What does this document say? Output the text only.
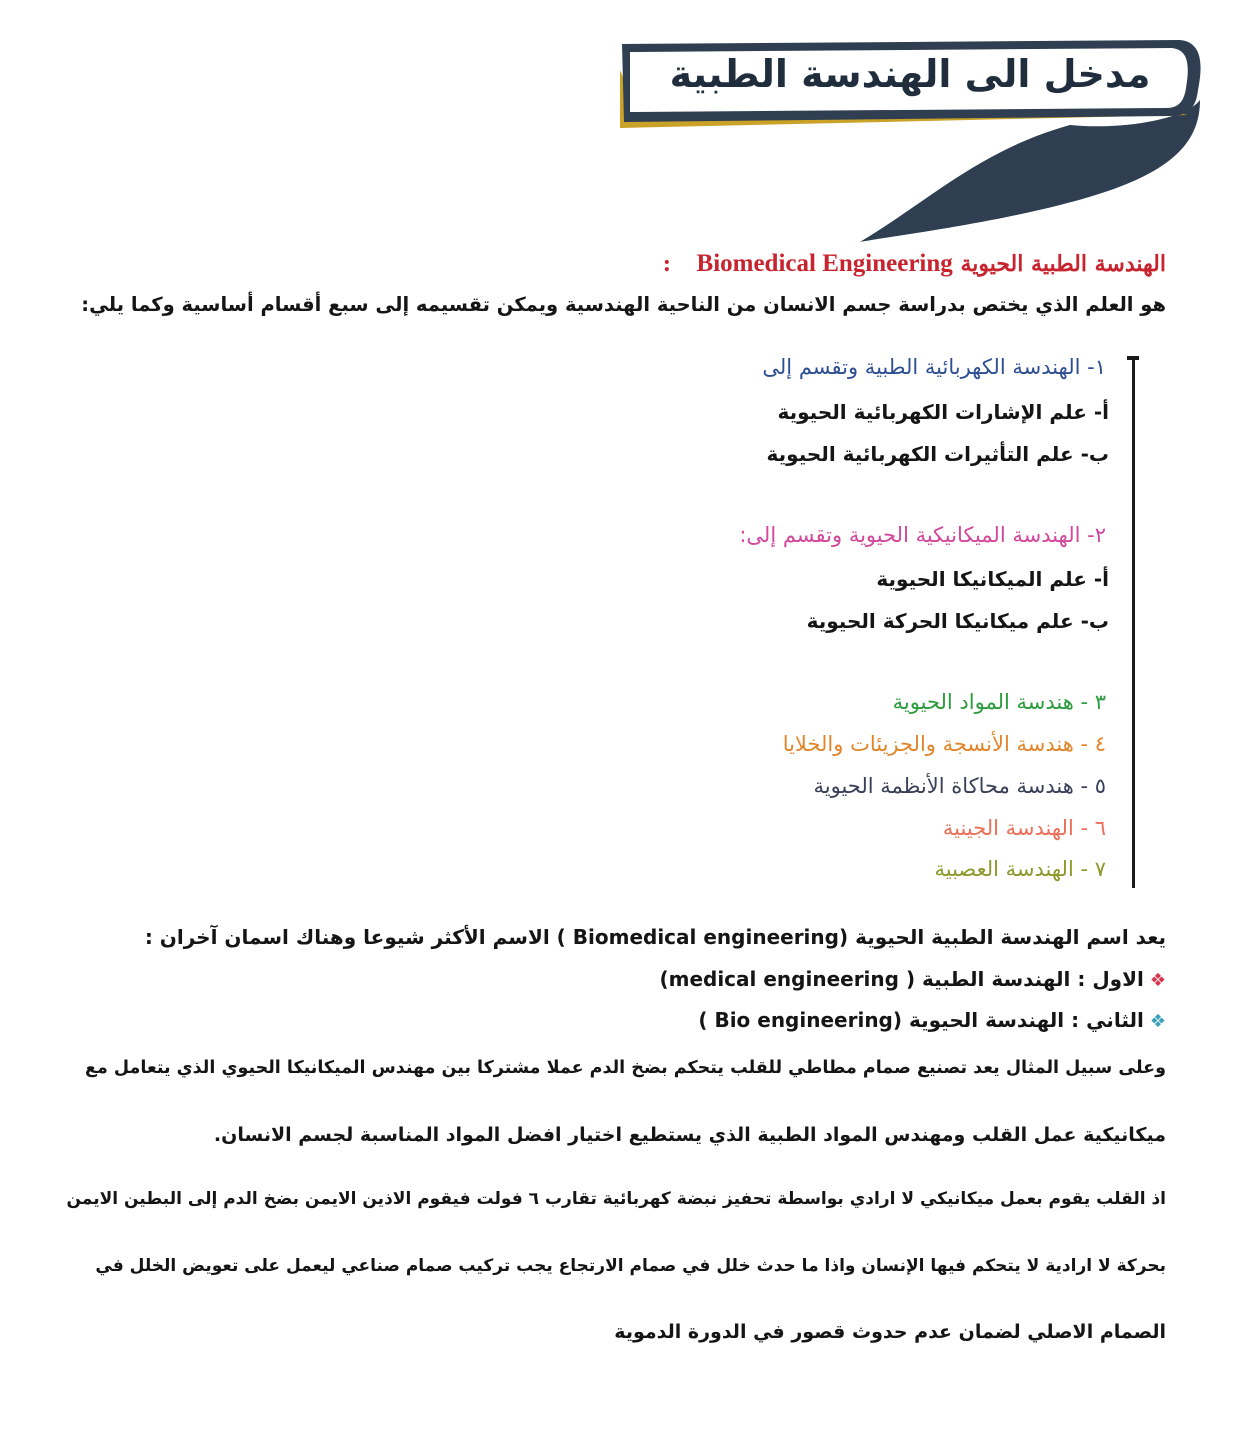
مدخل الى الهندسة الطبية
الهندسة الطبية الحيوية Biomedical Engineering :
هو العلم الذي يختص بدراسة جسم الانسان من الناحية الهندسية ويمكن تقسيمه إلى سبع أقسام أساسية وكما يلي:
١- الهندسة الكهربائية الطبية وتقسم إلى
أ- علم الإشارات الكهربائية الحيوية
ب- علم التأثيرات الكهربائية الحيوية
٢- الهندسة الميكانيكية الحيوية وتقسم إلى:
أ- علم الميكانيكا الحيوية
ب- علم ميكانيكا الحركة الحيوية
٣ - هندسة المواد الحيوية
٤ - هندسة الأنسجة والجزيئات والخلايا
٥ - هندسة محاكاة الأنظمة الحيوية
٦ - الهندسة الجينية
٧ - الهندسة العصبية
يعد اسم الهندسة الطبية الحيوية (Biomedical engineering ) الاسم الأكثر شيوعا وهناك اسمان آخران :
❖الاول : الهندسة الطبية ( medical engineering)
❖الثاني : الهندسة الحيوية (Bio engineering )
وعلى سبيل المثال يعد تصنيع صمام مطاطي للقلب يتحكم بضخ الدم عملا مشتركا بين مهندس الميكانيكا الحيوي الذي يتعامل مع
ميكانيكية عمل القلب ومهندس المواد الطبية الذي يستطيع اختيار افضل المواد المناسبة لجسم الانسان.
اذ القلب يقوم بعمل ميكانيكي لا ارادي بواسطة تحفيز نبضة كهربائية تقارب ٦ فولت فيقوم الاذين الايمن بضخ الدم إلى البطين الايمن
بحركة لا ارادية لا يتحكم فيها الإنسان واذا ما حدث خلل في صمام الارتجاع يجب تركيب صمام صناعي ليعمل على تعويض الخلل في
الصمام الاصلي لضمان عدم حدوث قصور في الدورة الدموية
